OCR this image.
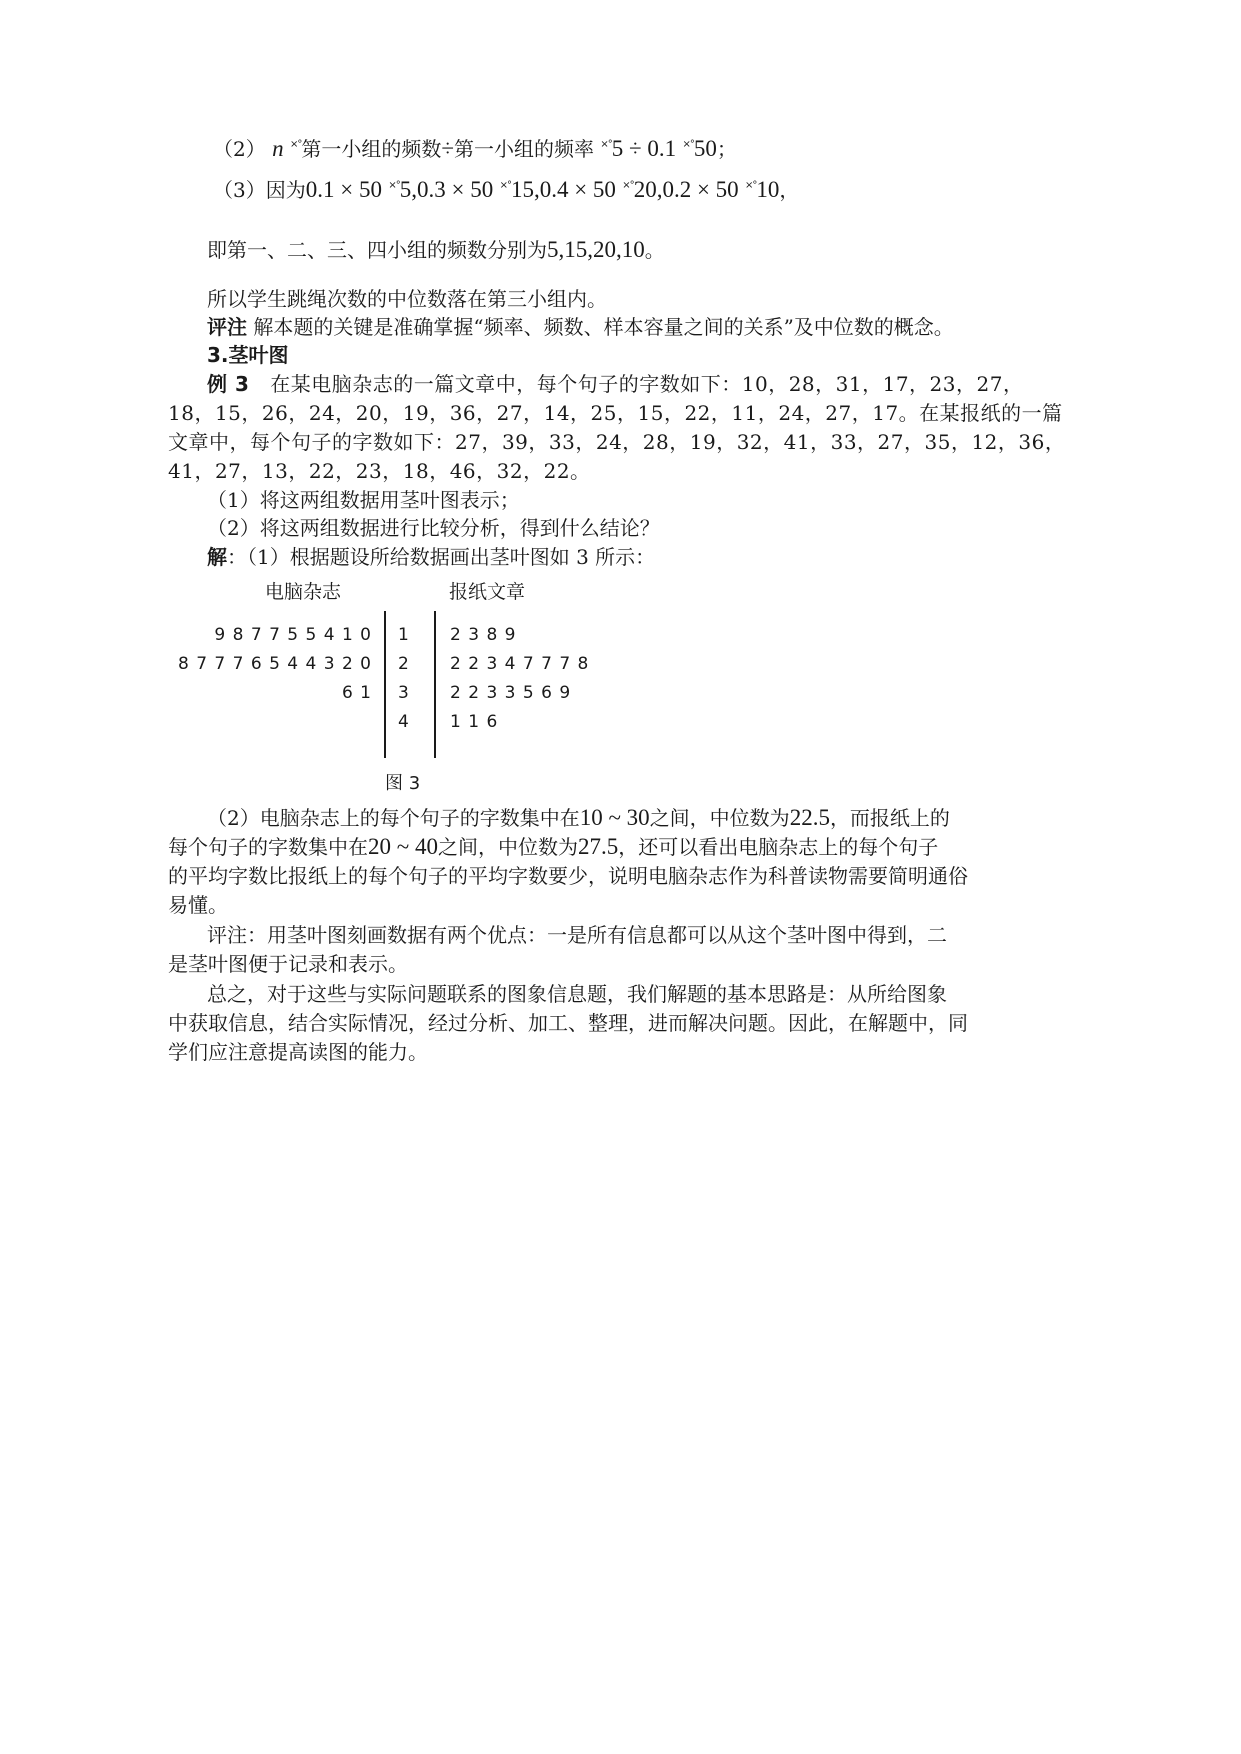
（2） n ×°第一小组的频数÷第一小组的频率 ×°5 ÷ 0.1 ×°50；
（3）因为0.1 × 50 ×°5,0.3 × 50 ×°15,0.4 × 50 ×°20,0.2 × 50 ×°10，
即第一、二、三、四小组的频数分别为5,15,20,10。
所以学生跳绳次数的中位数落在第三小组内。
评注 解本题的关键是准确掌握“频率、频数、样本容量之间的关系”及中位数的概念。
3.茎叶图
例 3 在某电脑杂志的一篇文章中，每个句子的字数如下：10，28，31，17，23，27，
18，15，26，24，20，19，36，27，14，25，15，22，11，24，27，17。在某报纸的一篇
文章中，每个句子的字数如下：27，39，33，24，28，19，32，41，33，27，35，12，36，
41，27，13，22，23，18，46，32，22。
（1）将这两组数据用茎叶图表示；
（2）将这两组数据进行比较分析，得到什么结论？
解：（1）根据题设所给数据画出茎叶图如 3 所示：
电脑杂志	报纸文章
9 8 7 7 5 5 4 1 0 1 2 3 8 9
8 7 7 7 6 5 4 4 3 2 0 2 2 2 3 4 7 7 7 8
6 1 3 2 2 3 3 5 6 9
4 1 1 6
图 3
（2）电脑杂志上的每个句子的字数集中在10 ~ 30之间，中位数为22.5，而报纸上的
每个句子的字数集中在20 ~ 40之间，中位数为27.5，还可以看出电脑杂志上的每个句子
的平均字数比报纸上的每个句子的平均字数要少，说明电脑杂志作为科普读物需要简明通俗
易懂。
评注：用茎叶图刻画数据有两个优点：一是所有信息都可以从这个茎叶图中得到，二
是茎叶图便于记录和表示。
总之，对于这些与实际问题联系的图象信息题，我们解题的基本思路是：从所给图象
中获取信息，结合实际情况，经过分析、加工、整理，进而解决问题。因此，在解题中，同
学们应注意提高读图的能力。
